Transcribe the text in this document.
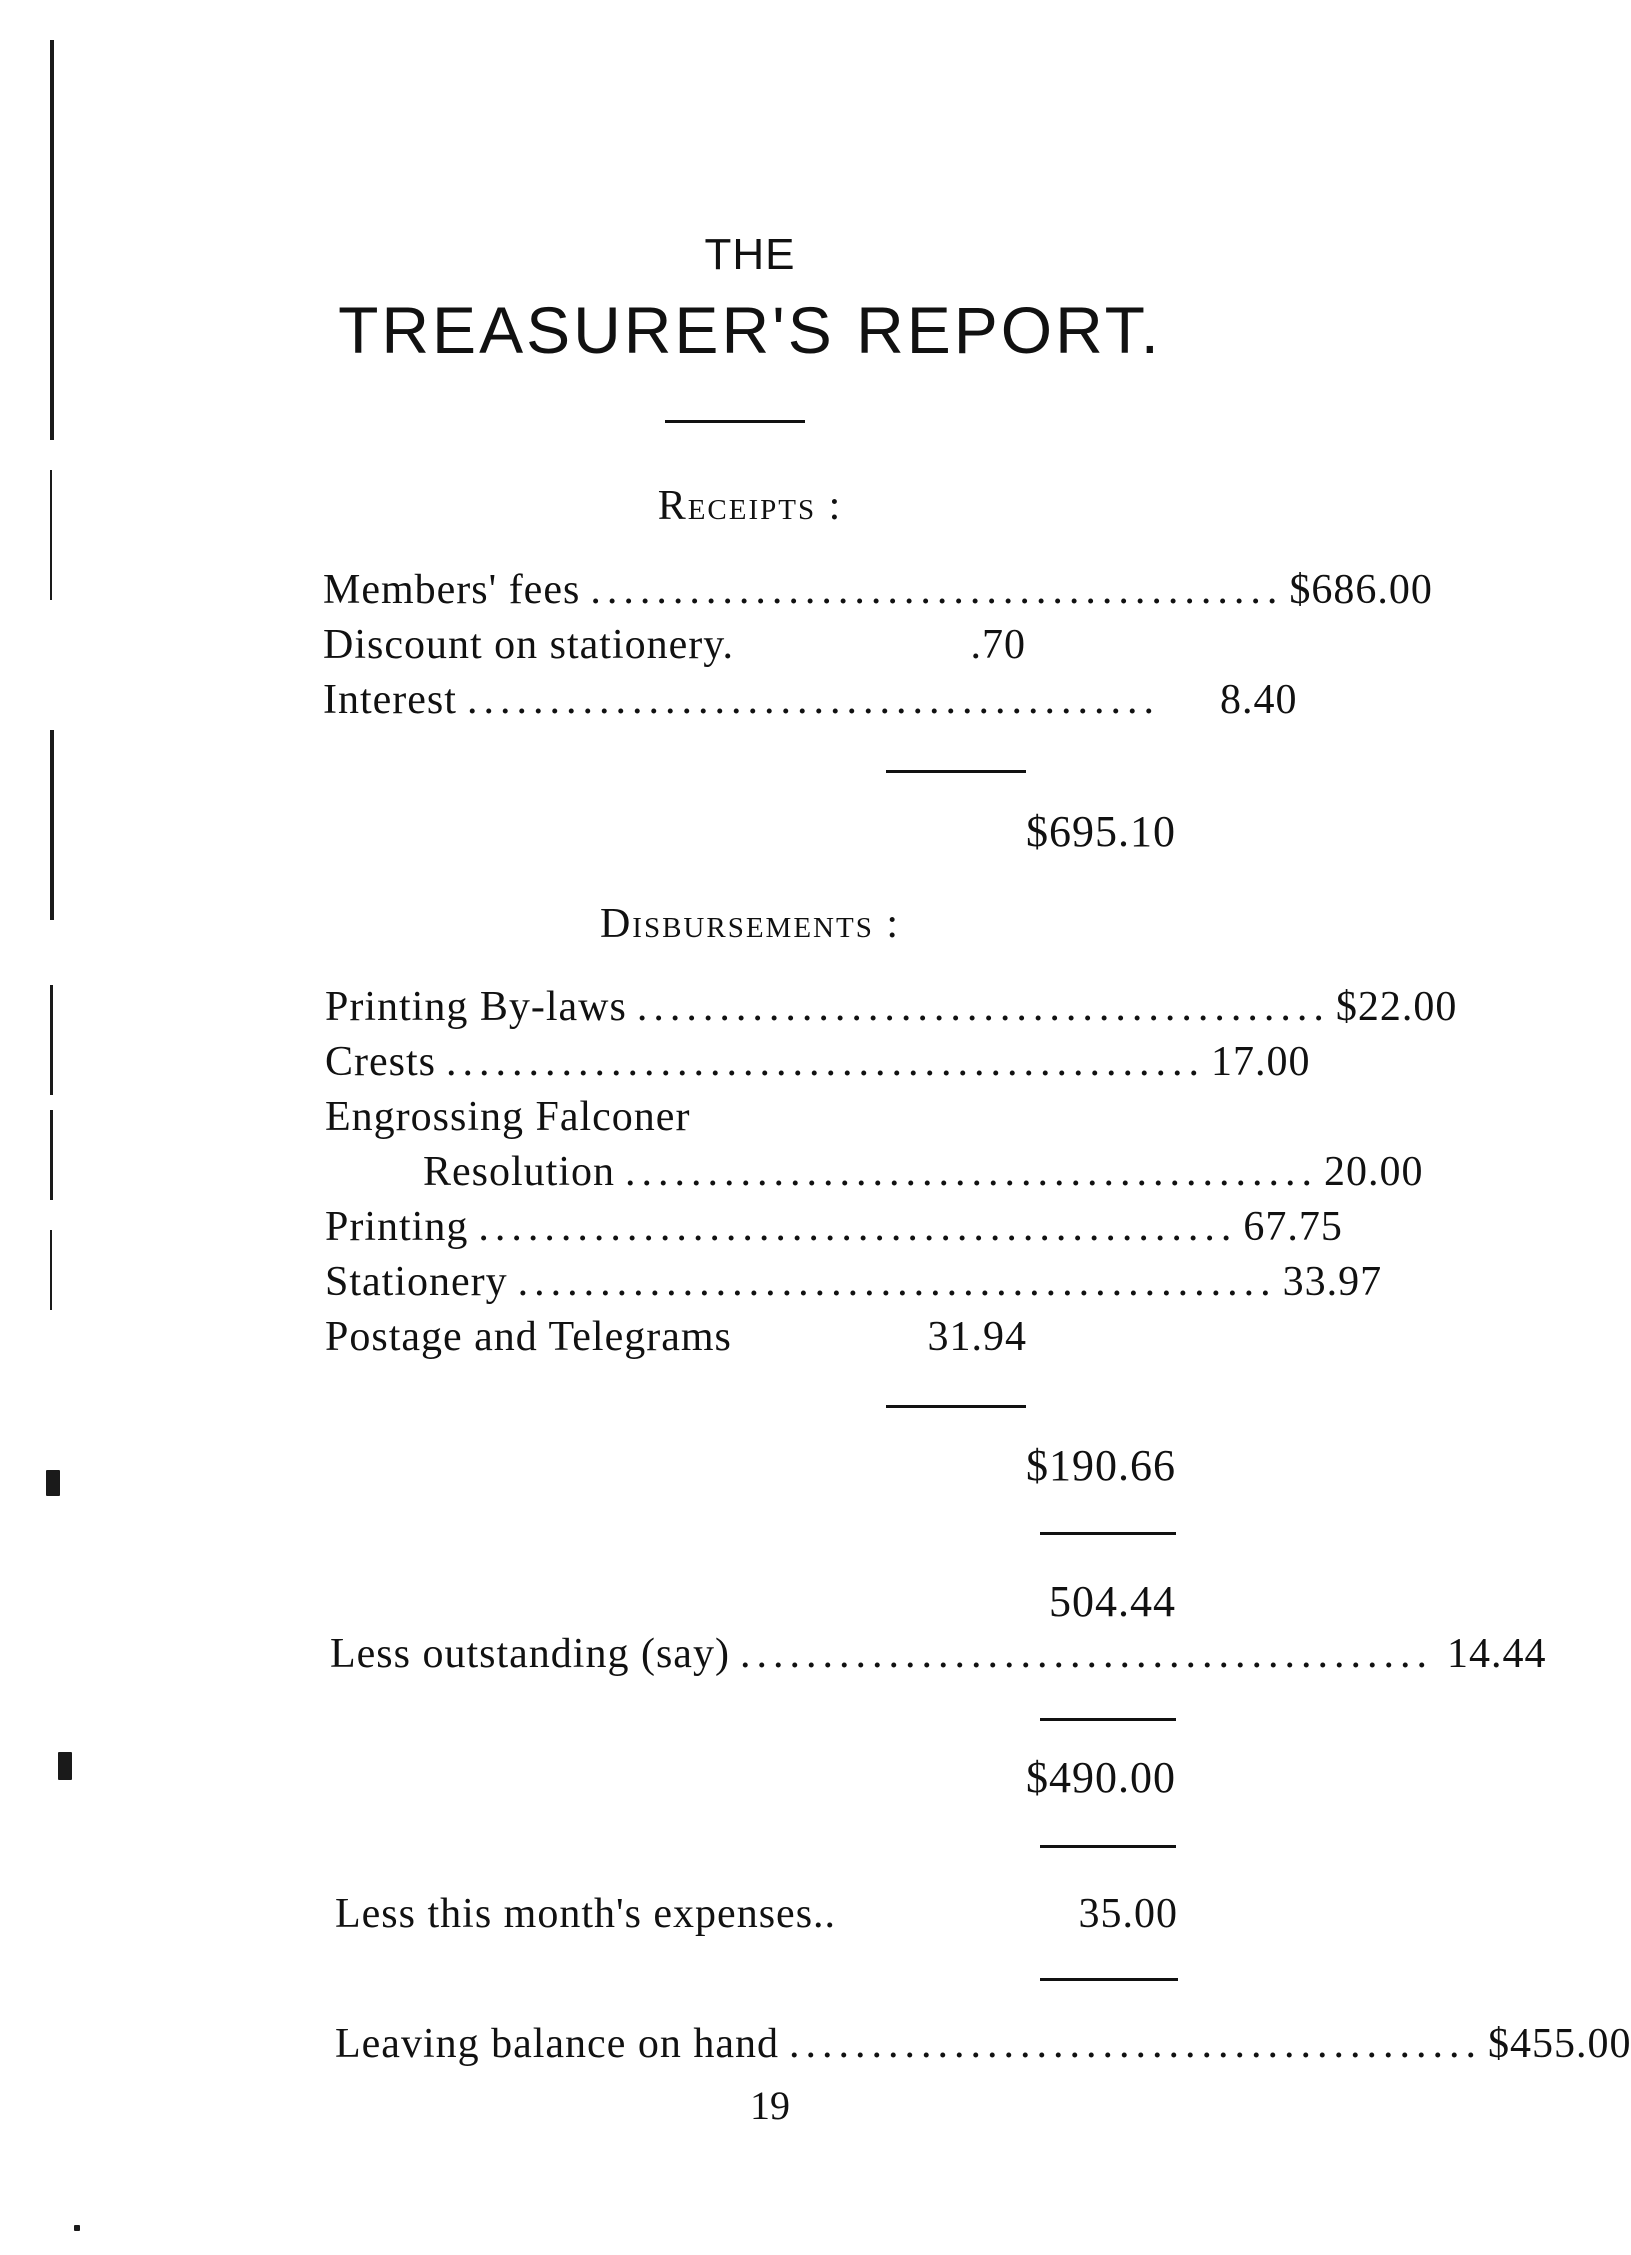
THE
TREASURER'S REPORT.
Receipts :
Members' fees .......................................... $686.00
Discount on stationery.	.70
Interest .......................................... 8.40
$695.10
Disbursements :
Printing By-laws .......................................... $22.00
Crests .............................................. 17.00
Engrossing Falconer
Resolution .......................................... 20.00
Printing .............................................. 67.75
Stationery .............................................. 33.97
Postage and Telegrams	31.94
$190.66
504.44
Less outstanding (say) .......................................... 14.44
$490.00
Less this month's expenses..	35.00
Leaving balance on hand .......................................... $455.00
19
